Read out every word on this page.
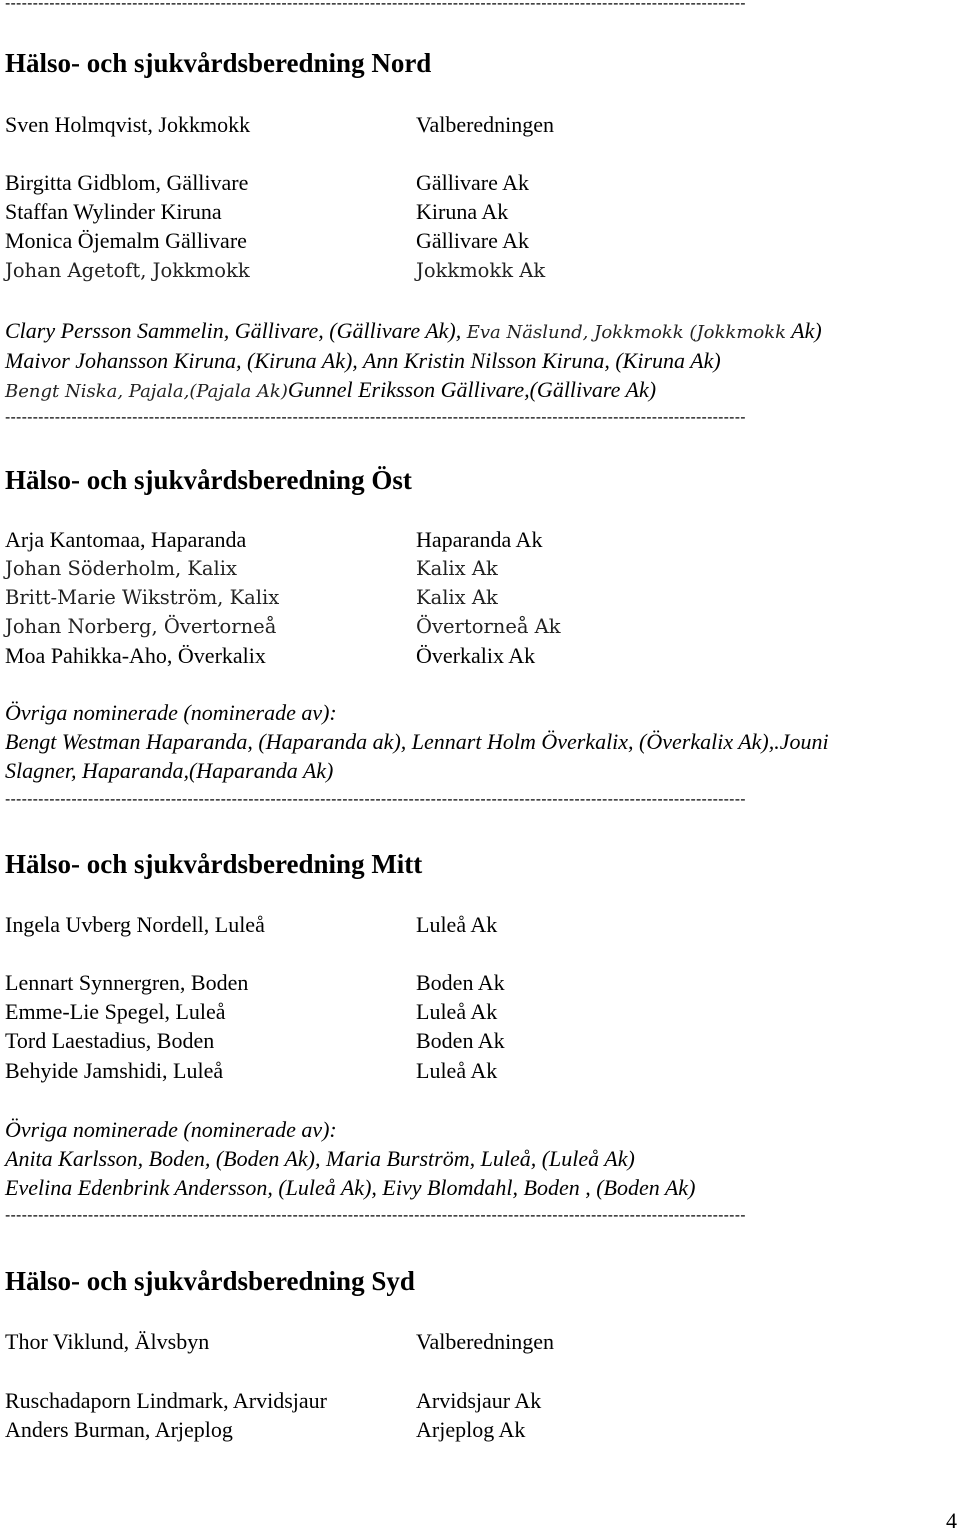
--------------------------------------------------------------------------------------------------------------------------------------
Hälso- och sjukvårdsberedning Nord
Sven Holmqvist, Jokkmokk	Valberedningen
Birgitta Gidblom, Gällivare	Gällivare Ak
Staffan Wylinder Kiruna	Kiruna Ak
Monica Öjemalm Gällivare	Gällivare Ak
Johan Agetoft, Jokkmokk	Jokkmokk Ak
Clary Persson Sammelin, Gällivare, (Gällivare Ak), Eva Näslund, Jokkmokk (Jokkmokk Ak)
Maivor Johansson Kiruna, (Kiruna Ak), Ann Kristin Nilsson Kiruna, (Kiruna Ak)
Bengt Niska, Pajala,(Pajala Ak)Gunnel Eriksson Gällivare,(Gällivare Ak)
--------------------------------------------------------------------------------------------------------------------------------------
Hälso- och sjukvårdsberedning Öst
Arja Kantomaa, Haparanda	Haparanda Ak
Johan Söderholm, Kalix	Kalix Ak
Britt-Marie Wikström, Kalix	Kalix Ak
Johan Norberg, Övertorneå	Övertorneå Ak
Moa Pahikka-Aho, Överkalix	Överkalix Ak
Övriga nominerade (nominerade av):
Bengt Westman Haparanda, (Haparanda ak), Lennart Holm Överkalix, (Överkalix Ak),.Jouni
Slagner, Haparanda,(Haparanda Ak)
--------------------------------------------------------------------------------------------------------------------------------------
Hälso- och sjukvårdsberedning Mitt
Ingela Uvberg Nordell, Luleå	Luleå Ak
Lennart Synnergren, Boden	Boden Ak
Emme-Lie Spegel, Luleå	Luleå Ak
Tord Laestadius, Boden	Boden Ak
Behyide Jamshidi, Luleå	Luleå Ak
Övriga nominerade (nominerade av):
Anita Karlsson, Boden, (Boden Ak), Maria Burström, Luleå, (Luleå Ak)
Evelina Edenbrink Andersson, (Luleå Ak), Eivy Blomdahl, Boden , (Boden Ak)
--------------------------------------------------------------------------------------------------------------------------------------
Hälso- och sjukvårdsberedning Syd
Thor Viklund, Älvsbyn	Valberedningen
Ruschadaporn Lindmark, Arvidsjaur	Arvidsjaur Ak
Anders Burman, Arjeplog	Arjeplog Ak
4
